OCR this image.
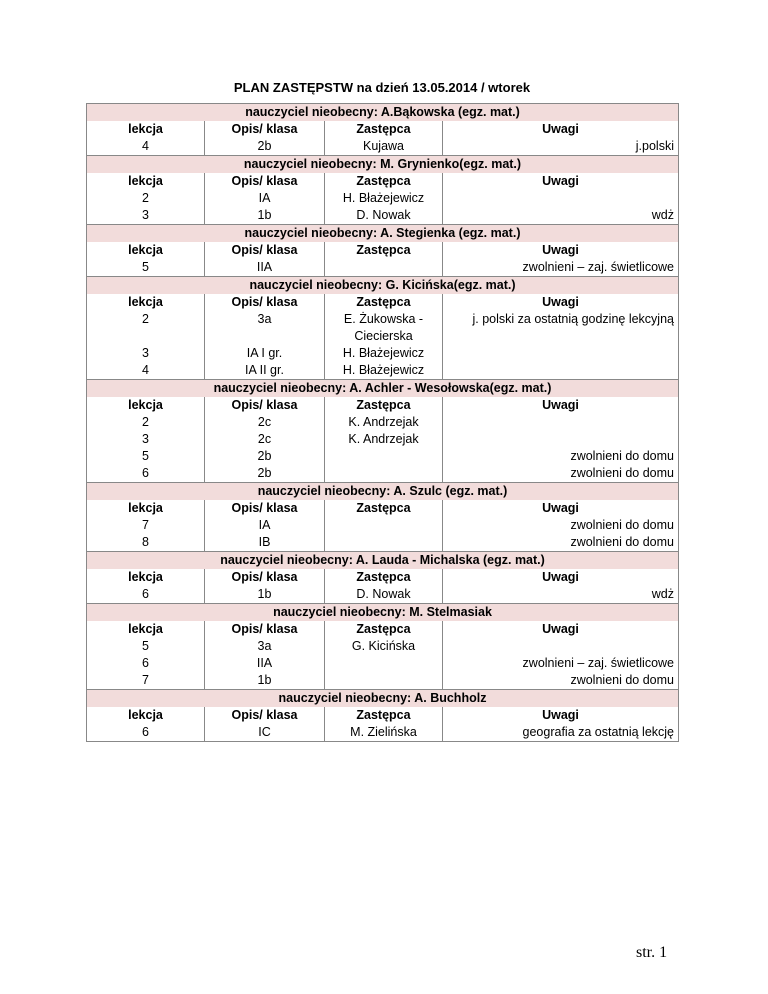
PLAN ZASTĘPSTW na dzień 13.05.2014 / wtorek
nauczyciel nieobecny: A.Bąkowska (egz. mat.)			
lekcja	Opis/ klasa	Zastępca	Uwagi
4	2b	Kujawa	j.polski
nauczyciel nieobecny: M. Grynienko(egz. mat.)			
lekcja	Opis/ klasa	Zastępca	Uwagi
2	IA	H. Błażejewicz	
3	1b	D. Nowak	wdż
nauczyciel nieobecny: A. Stegienka (egz. mat.)			
lekcja	Opis/ klasa	Zastępca	Uwagi
5	IIA		zwolnieni – zaj. świetlicowe
nauczyciel nieobecny: G. Kicińska(egz. mat.)			
lekcja	Opis/ klasa	Zastępca	Uwagi
2	3a	E. Żukowska - Ciecierska	j. polski za ostatnią godzinę lekcyjną
3	IA I gr.	H. Błażejewicz	
4	IA II gr.	H. Błażejewicz	
nauczyciel nieobecny: A. Achler - Wesołowska(egz. mat.)			
lekcja	Opis/ klasa	Zastępca	Uwagi
2	2c	K. Andrzejak	
3	2c	K. Andrzejak	
5	2b		zwolnieni do domu
6	2b		zwolnieni do domu
nauczyciel nieobecny: A. Szulc (egz. mat.)			
lekcja	Opis/ klasa	Zastępca	Uwagi
7	IA		zwolnieni do domu
8	IB		zwolnieni do domu
nauczyciel nieobecny: A. Lauda - Michalska (egz. mat.)			
lekcja	Opis/ klasa	Zastępca	Uwagi
6	1b	D. Nowak	wdż
nauczyciel nieobecny: M. Stelmasiak			
lekcja	Opis/ klasa	Zastępca	Uwagi
5	3a	G. Kicińska	
6	IIA		zwolnieni – zaj. świetlicowe
7	1b		zwolnieni do domu
nauczyciel nieobecny: A. Buchholz			
lekcja	Opis/ klasa	Zastępca	Uwagi
6	IC	M. Zielińska	geografia za ostatnią lekcję
str. 1
